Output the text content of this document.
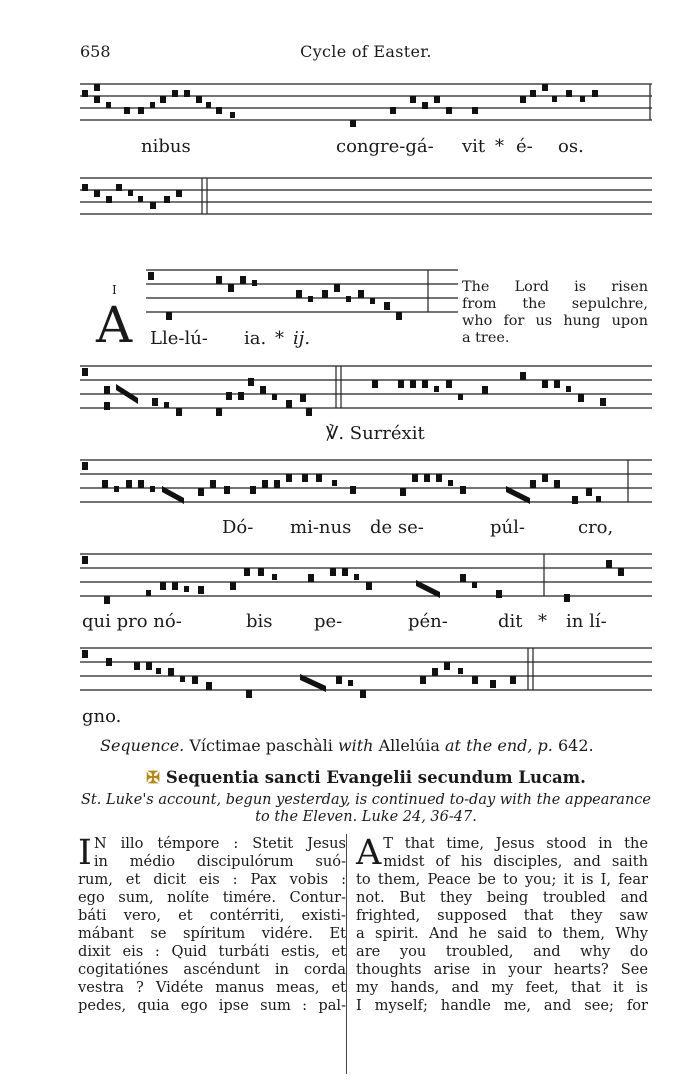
658	Cycle of Easter.
nibus	congre-gá- vit * é- os.
I
A Lle-lú- ia. * ij.
The Lord is risen
from the sepulchre,
who for us hung upon
a tree.
℣. Surréxit
Dó- mi-nus de se-	púl-	cro,
qui pro nó-	bis pe-	pén-	dit * in lí-
gno.
Sequence. Víctimae paschàli with Allelúia at the end, p. 642.
✠ Sequentia sancti Evangelii secundum Lucam.
St. Luke's account, begun yesterday, is continued to-day with the appearance
to the Eleven. Luke 24, 36-47.
I N illo témpore : Stetit Jesus
in médio discipulórum suó-
rum, et dicit eis : Pax vobis :
ego sum, nolíte timére. Contur-
báti vero, et contérriti, existi-
mábant se spíritum vidére. Et
dixit eis : Quid turbáti estis, et
cogitatiónes ascéndunt in corda
vestra ? Vidéte manus meas, et
pedes, quia ego ipse sum : pal-
A T that time, Jesus stood in the
midst of his disciples, and saith
to them, Peace be to you; it is I, fear
not. But they being troubled and
frighted, supposed that they saw
a spirit. And he said to them, Why
are you troubled, and why do
thoughts arise in your hearts? See
my hands, and my feet, that it is
I myself; handle me, and see; for
